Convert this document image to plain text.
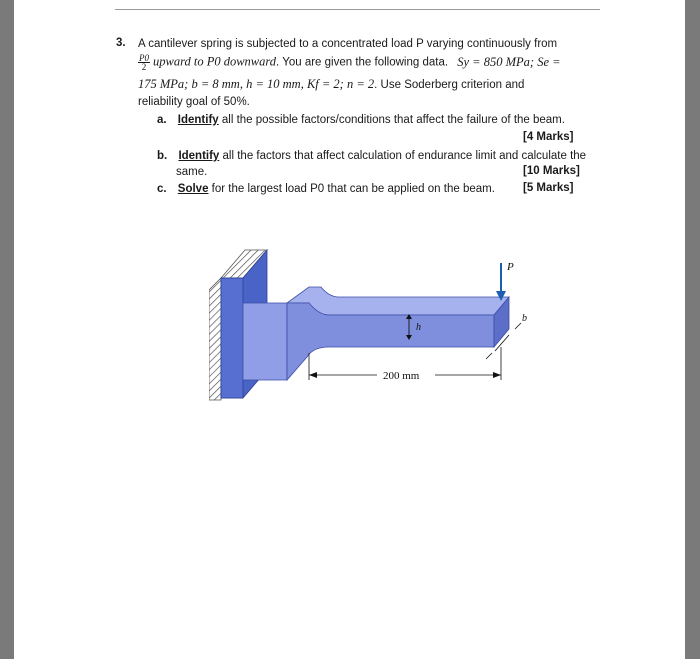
3. A cantilever spring is subjected to a concentrated load P varying continuously from
$\frac{P0}{2}$ upward to P0 downward. You are given the following data. Sy = 850 MPa; Se =
175 MPa; b = 8 mm, h = 10 mm, Kf = 2; n = 2. Use Soderberg criterion and
reliability goal of 50%.
a. Identify all the possible factors/conditions that affect the failure of the beam.
[4 Marks]
b. Identify all the factors that affect calculation of endurance limit and calculate the
same.	[10 Marks]
c. Solve for the largest load P0 that can be applied on the beam. [5 Marks]
h
P
b
200 mm
